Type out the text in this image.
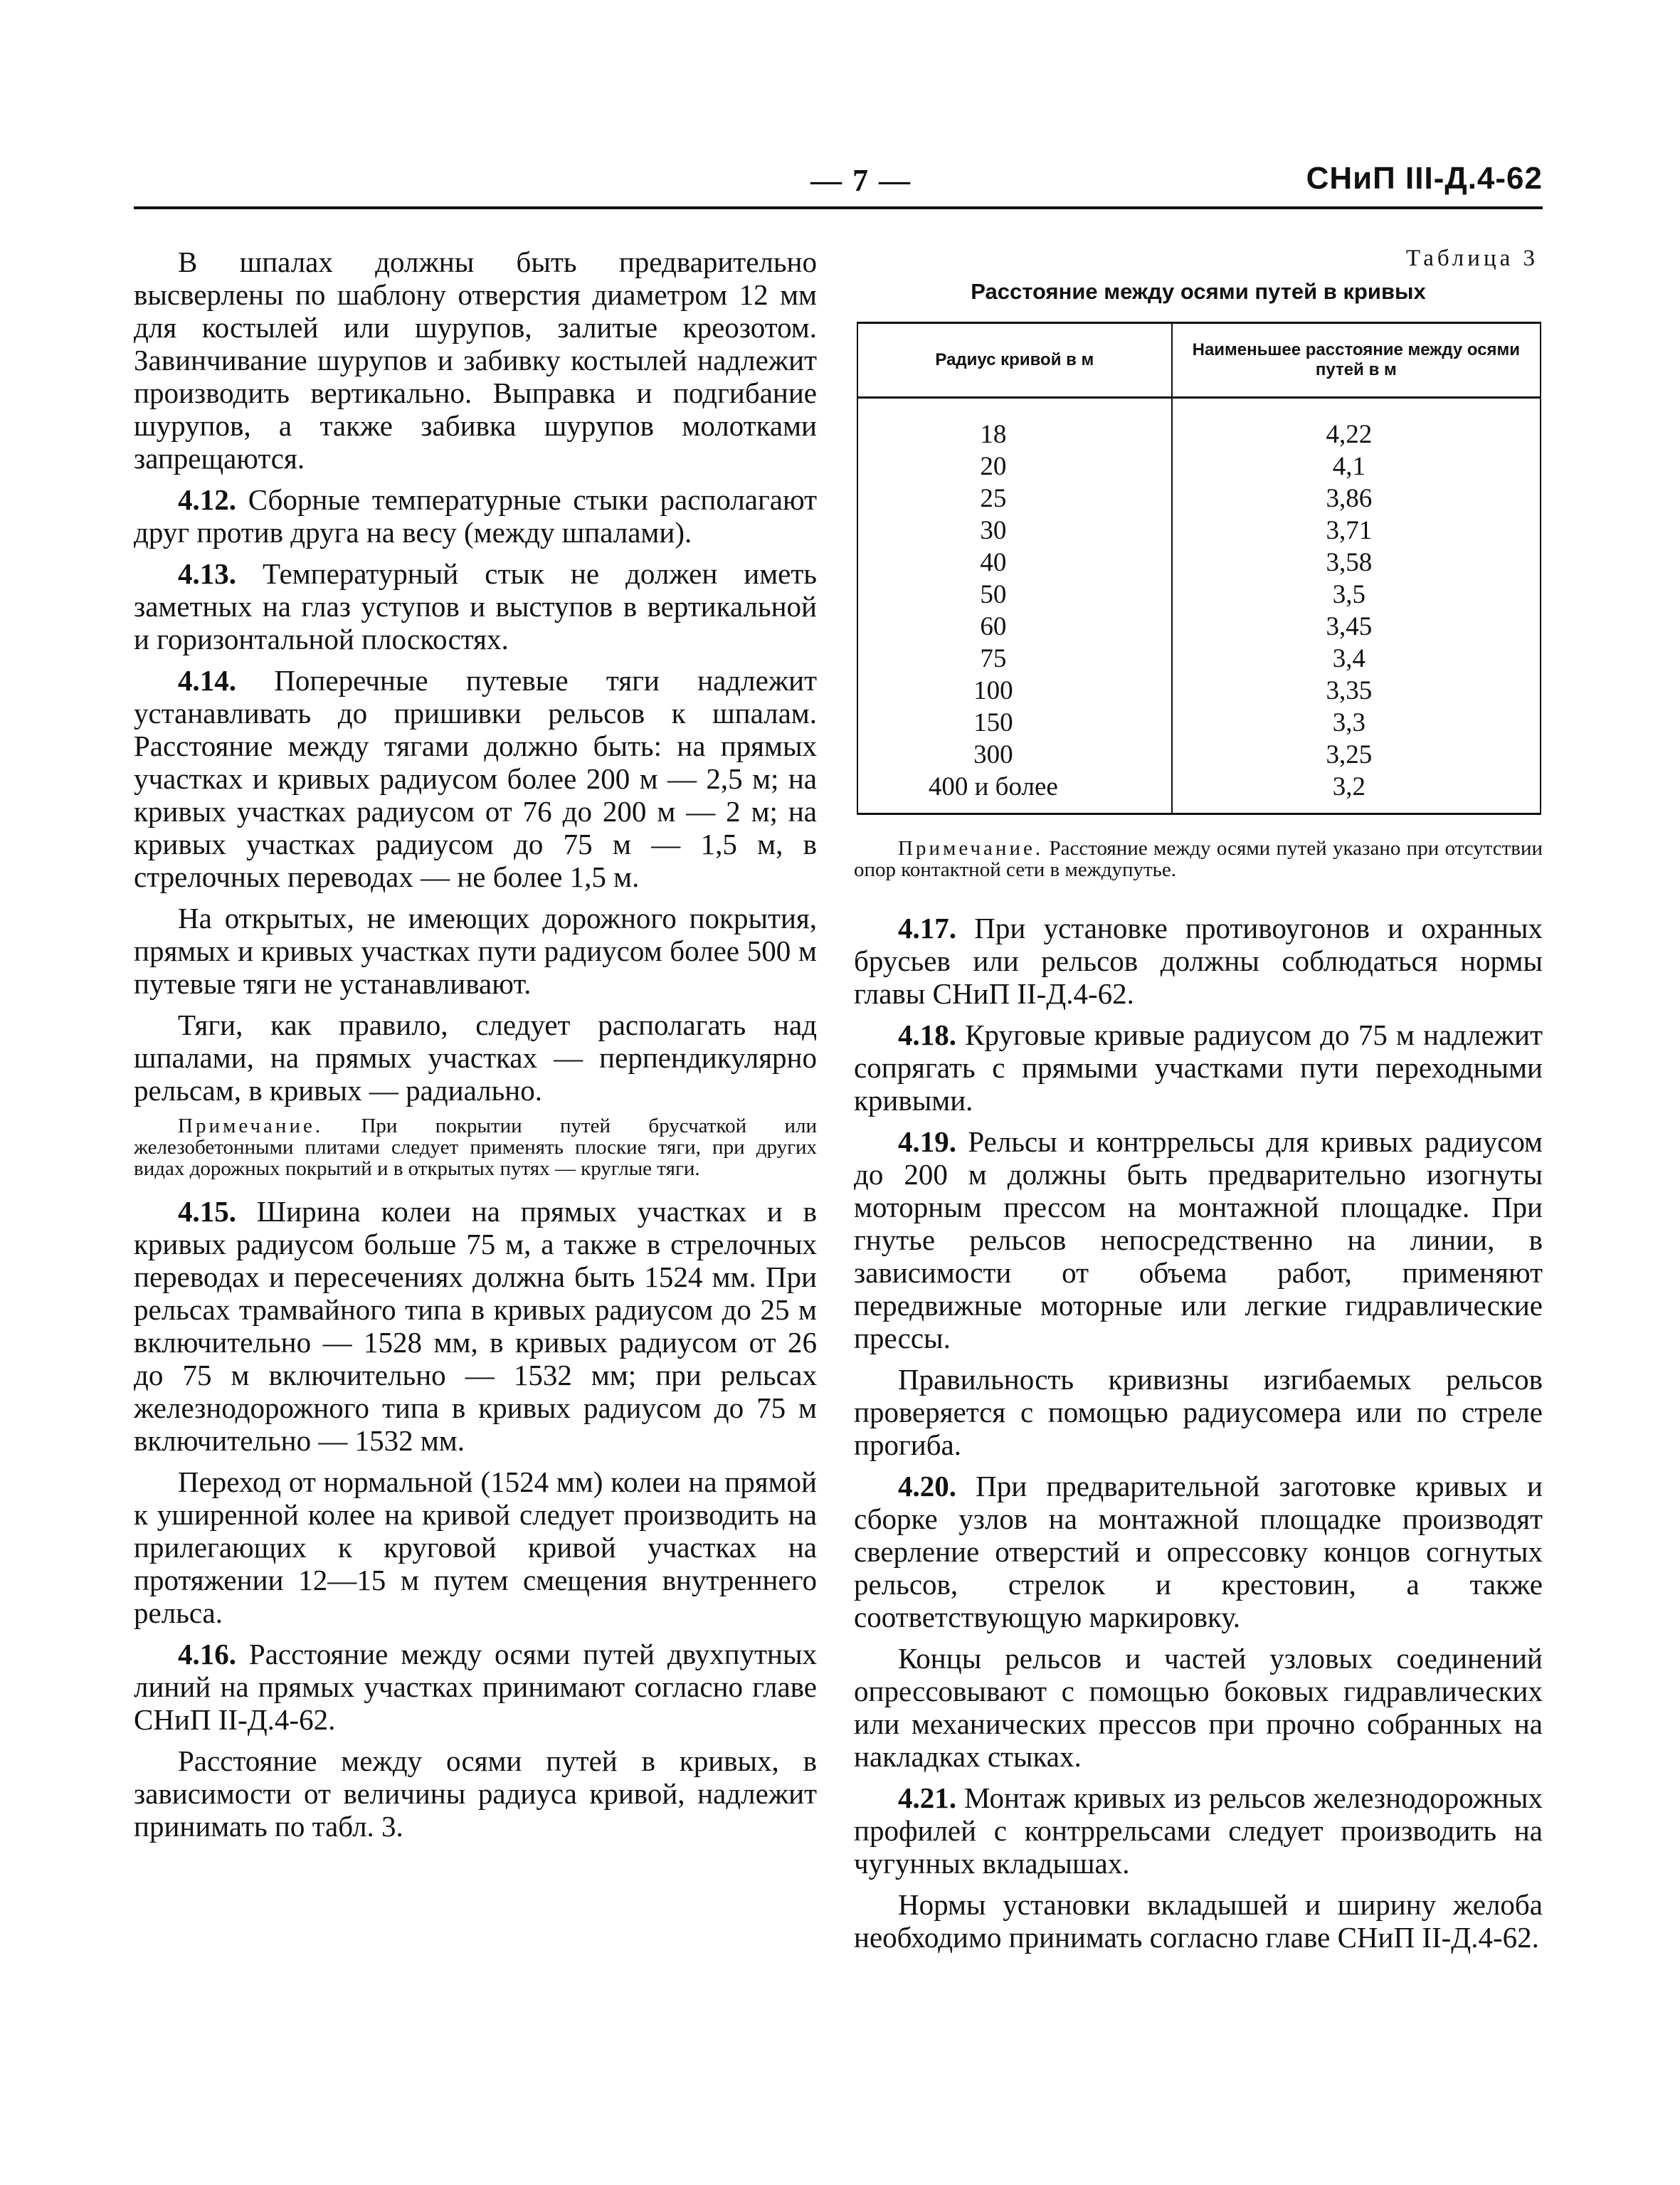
— 7 —	СНиП III-Д.4-62

В шпалах должны быть предварительно высверлены по шаблону отверстия диаметром 12 мм для костылей или шурупов, залитые креозотом. Завинчивание шурупов и забивку костылей надлежит производить вертикально. Выправка и подгибание шурупов, а также забивка шурупов молотками запрещаются.

4.12. Сборные температурные стыки располагают друг против друга на весу (между шпалами).

4.13. Температурный стык не должен иметь заметных на глаз уступов и выступов в вертикальной и горизонтальной плоскостях.

4.14. Поперечные путевые тяги надлежит устанавливать до пришивки рельсов к шпалам. Расстояние между тягами должно быть: на прямых участках и кривых радиусом более 200 м — 2,5 м; на кривых участках радиусом от 76 до 200 м — 2 м; на кривых участках радиусом до 75 м — 1,5 м, в стрелочных переводах — не более 1,5 м.

На открытых, не имеющих дорожного покрытия, прямых и кривых участках пути радиусом более 500 м путевые тяги не устанавливают.

Тяги, как правило, следует располагать над шпалами, на прямых участках — перпендикулярно рельсам, в кривых — радиально.

Примечание. При покрытии путей брусчаткой или железобетонными плитами следует применять плоские тяги, при других видах дорожных покрытий и в открытых путях — круглые тяги.

4.15. Ширина колеи на прямых участках и в кривых радиусом больше 75 м, а также в стрелочных переводах и пересечениях должна быть 1524 мм. При рельсах трамвайного типа в кривых радиусом до 25 м включительно — 1528 мм, в кривых радиусом от 26 до 75 м включительно — 1532 мм; при рельсах железнодорожного типа в кривых радиусом до 75 м включительно — 1532 мм.

Переход от нормальной (1524 мм) колеи на прямой к уширенной колее на кривой следует производить на прилегающих к круговой кривой участках на протяжении 12—15 м путем смещения внутреннего рельса.

4.16. Расстояние между осями путей двухпутных линий на прямых участках принимают согласно главе СНиП II-Д.4-62.

Расстояние между осями путей в кривых, в зависимости от величины радиуса кривой, надлежит принимать по табл. 3.

Таблица 3
Расстояние между осями путей в кривых
Радиус кривой в м	Наименьшее расстояние между осями путей в м
18	4,22
20	4,1
25	3,86
30	3,71
40	3,58
50	3,5
60	3,45
75	3,4
100	3,35
150	3,3
300	3,25
400 и более	3,2

Примечание. Расстояние между осями путей указано при отсутствии опор контактной сети в междупутье.

4.17. При установке противоугонов и охранных брусьев или рельсов должны соблюдаться нормы главы СНиП II-Д.4-62.

4.18. Круговые кривые радиусом до 75 м надлежит сопрягать с прямыми участками пути переходными кривыми.

4.19. Рельсы и контррельсы для кривых радиусом до 200 м должны быть предварительно изогнуты моторным прессом на монтажной площадке. При гнутье рельсов непосредственно на линии, в зависимости от объема работ, применяют передвижные моторные или легкие гидравлические прессы.

Правильность кривизны изгибаемых рельсов проверяется с помощью радиусомера или по стреле прогиба.

4.20. При предварительной заготовке кривых и сборке узлов на монтажной площадке производят сверление отверстий и опрессовку концов согнутых рельсов, стрелок и крестовин, а также соответствующую маркировку.

Концы рельсов и частей узловых соединений опрессовывают с помощью боковых гидравлических или механических прессов при прочно собранных на накладках стыках.

4.21. Монтаж кривых из рельсов железнодорожных профилей с контррельсами следует производить на чугунных вкладышах.

Нормы установки вкладышей и ширину желоба необходимо принимать согласно главе СНиП II-Д.4-62.
